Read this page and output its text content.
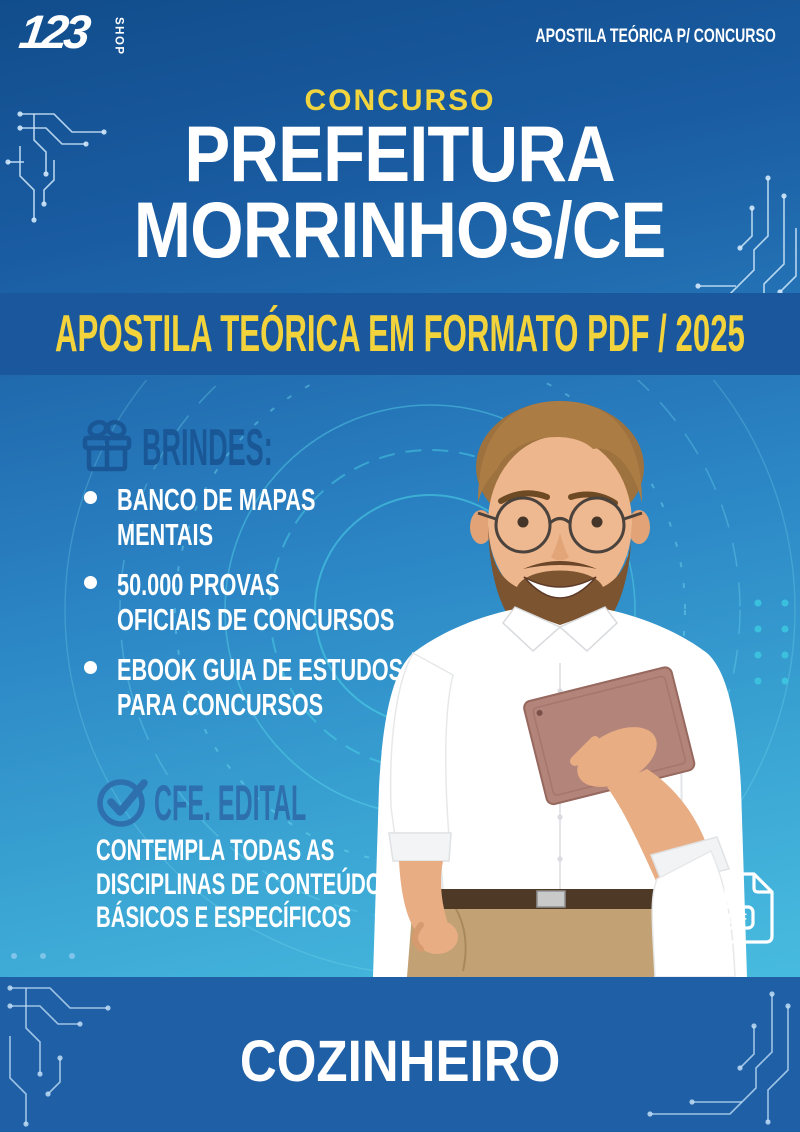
123 SHOP	APOSTILA TEÓRICA P/ CONCURSO
CONCURSO
PREFEITURA
MORRINHOS/CE
APOSTILA TEÓRICA EM FORMATO PDF / 2025
BRINDES:
BANCO DE MAPAS
MENTAIS
50.000 PROVAS
OFICIAIS DE CONCURSOS
EBOOK GUIA DE ESTUDOS
PARA CONCURSOS
CFE. EDITAL
CONTEMPLA TODAS AS
DISCIPLINAS DE CONTEÚDOS
BÁSICOS E ESPECÍFICOS	PDF
COZINHEIRO
